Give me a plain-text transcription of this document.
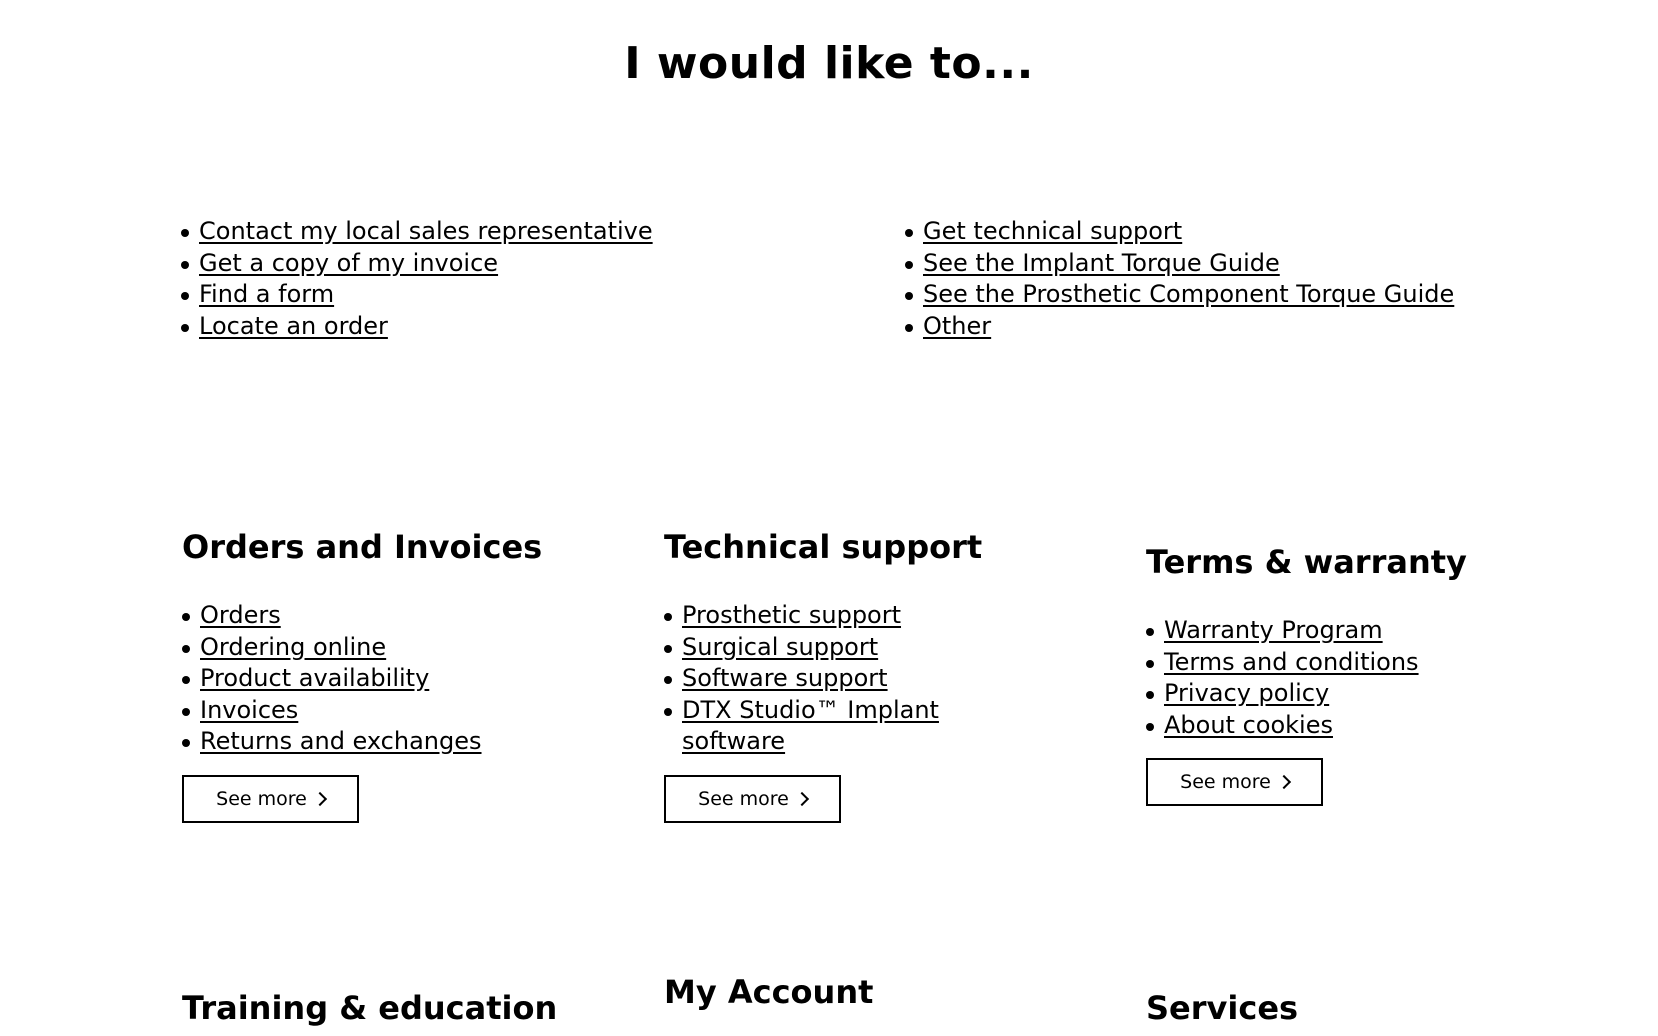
I would like to...
Contact my local sales representative
Get a copy of my invoice
Find a form
Locate an order
Get technical support
See the Implant Torque Guide
See the Prosthetic Component Torque Guide
Other
Orders and Invoices
Orders
Ordering online
Product availability
Invoices
Returns and exchanges
See more
Technical support
Prosthetic support
Surgical support
Software support
DTX Studio™ Implant software
See more
Terms & warranty
Warranty Program
Terms and conditions
Privacy policy
About cookies
See more
Training & education	My Account	Services
